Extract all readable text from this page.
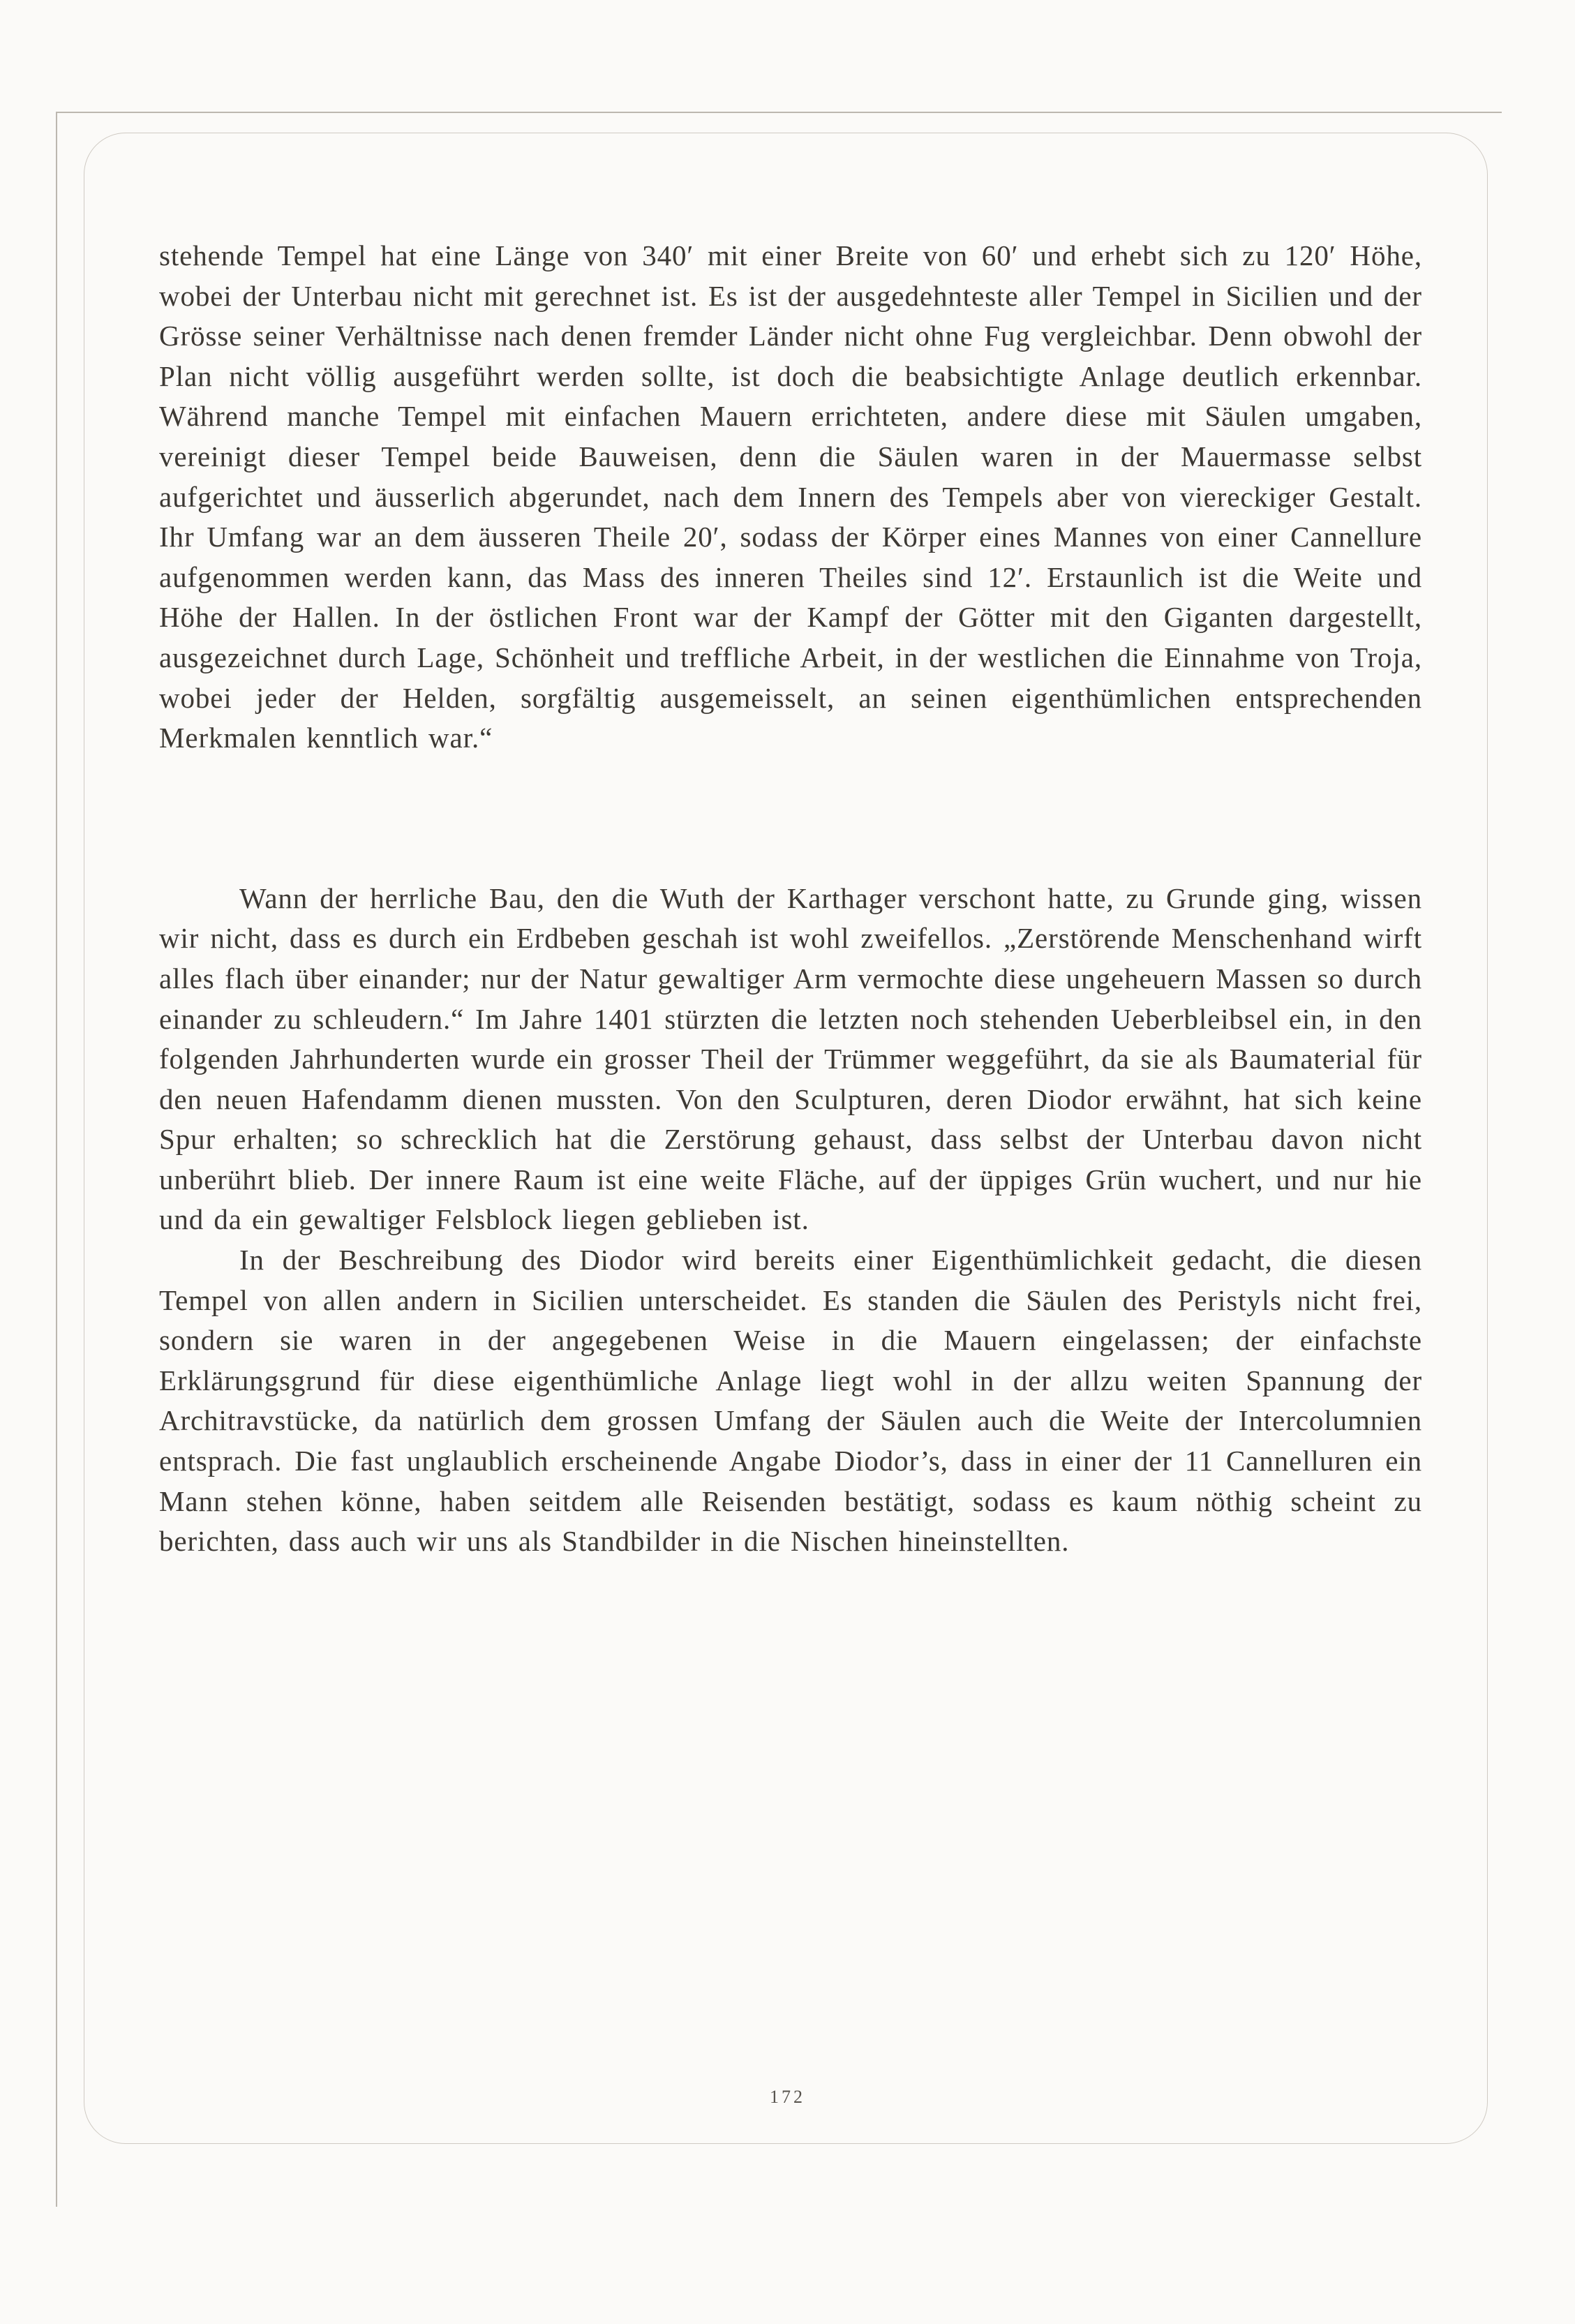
stehende Tempel hat eine Länge von 340′ mit einer Breite von 60′ und erhebt sich zu 120′ Höhe, wobei der Unterbau nicht mit gerechnet ist. Es ist der ausgedehnteste aller Tempel in Sicilien und der Grösse seiner Verhältnisse nach denen fremder Länder nicht ohne Fug vergleichbar. Denn obwohl der Plan nicht völlig ausgeführt werden sollte, ist doch die beabsichtigte Anlage deutlich erkennbar. Während manche Tempel mit einfachen Mauern errichteten, andere diese mit Säulen umgaben, vereinigt dieser Tempel beide Bauweisen, denn die Säulen waren in der Mauermasse selbst aufgerichtet und äusserlich abgerundet, nach dem Innern des Tempels aber von viereckiger Gestalt. Ihr Umfang war an dem äusseren Theile 20′, sodass der Körper eines Mannes von einer Cannellure aufgenommen werden kann, das Mass des inneren Theiles sind 12′. Erstaunlich ist die Weite und Höhe der Hallen. In der östlichen Front war der Kampf der Götter mit den Giganten dargestellt, ausgezeichnet durch Lage, Schönheit und treffliche Arbeit, in der westlichen die Einnahme von Troja, wobei jeder der Helden, sorgfältig ausgemeisselt, an seinen eigenthümlichen entsprechenden Merkmalen kenntlich war.“

Wann der herrliche Bau, den die Wuth der Karthager verschont hatte, zu Grunde ging, wissen wir nicht, dass es durch ein Erdbeben geschah ist wohl zweifellos. „Zerstörende Menschenhand wirft alles flach über einander; nur der Natur gewaltiger Arm vermochte diese ungeheuern Massen so durch einander zu schleudern.“ Im Jahre 1401 stürzten die letzten noch stehenden Ueberbleibsel ein, in den folgenden Jahrhunderten wurde ein grosser Theil der Trümmer weggeführt, da sie als Baumaterial für den neuen Hafendamm dienen mussten. Von den Sculpturen, deren Diodor erwähnt, hat sich keine Spur erhalten; so schrecklich hat die Zerstörung gehaust, dass selbst der Unterbau davon nicht unberührt blieb. Der innere Raum ist eine weite Fläche, auf der üppiges Grün wuchert, und nur hie und da ein gewaltiger Felsblock liegen geblieben ist.

In der Beschreibung des Diodor wird bereits einer Eigenthümlichkeit gedacht, die diesen Tempel von allen andern in Sicilien unterscheidet. Es standen die Säulen des Peristyls nicht frei, sondern sie waren in der angegebenen Weise in die Mauern eingelassen; der einfachste Erklärungsgrund für diese eigenthümliche Anlage liegt wohl in der allzu weiten Spannung der Architravstücke, da natürlich dem grossen Umfang der Säulen auch die Weite der Intercolumnien entsprach. Die fast unglaublich erscheinende Angabe Diodor’s, dass in einer der 11 Cannelluren ein Mann stehen könne, haben seitdem alle Reisenden bestätigt, sodass es kaum nöthig scheint zu berichten, dass auch wir uns als Standbilder in die Nischen hineinstellten.

172
